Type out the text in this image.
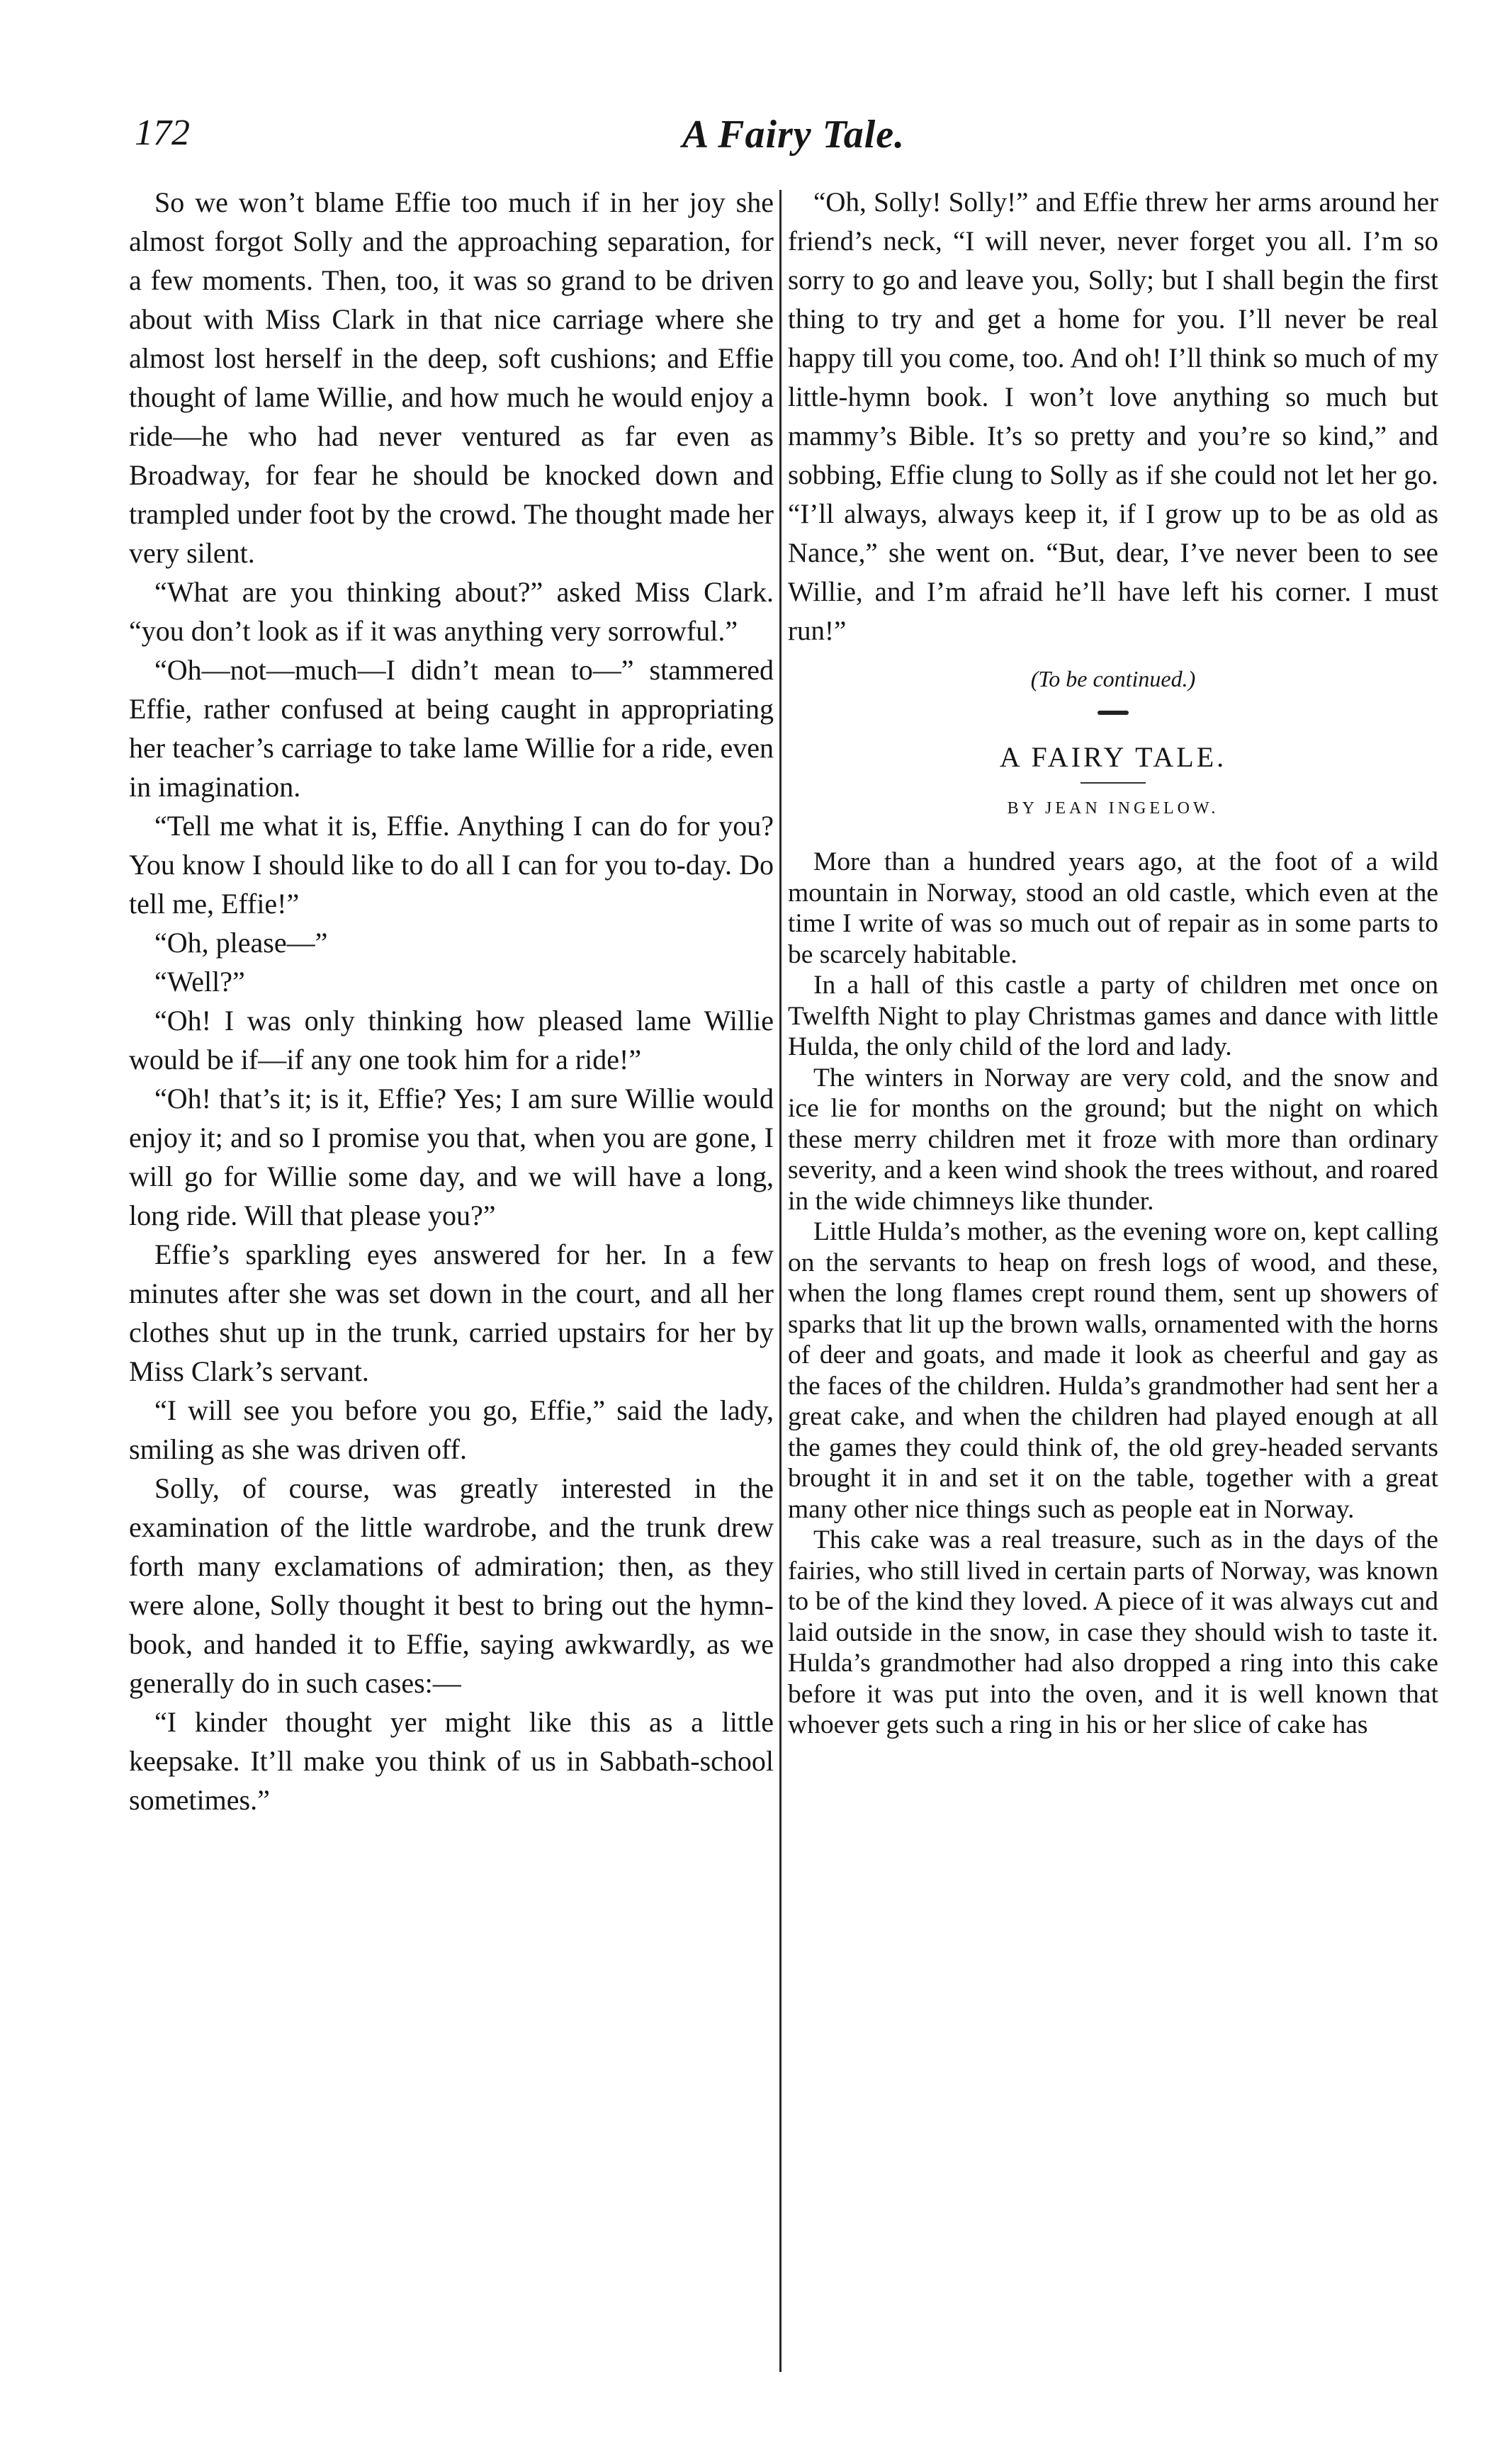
172	A Fairy Tale.

So we won’t blame Effie too much if in her joy she almost forgot Solly and the approaching separation, for a few moments. Then, too, it was so grand to be driven about with Miss Clark in that nice carriage where she almost lost herself in the deep, soft cushions; and Effie thought of lame Willie, and how much he would enjoy a ride—he who had never ventured as far even as Broadway, for fear he should be knocked down and trampled under foot by the crowd. The thought made her very silent.

“What are you thinking about?” asked Miss Clark. “you don’t look as if it was anything very sorrowful.”

“Oh—not—much—I didn’t mean to—” stammered Effie, rather confused at being caught in appropriating her teacher’s carriage to take lame Willie for a ride, even in imagination.

“Tell me what it is, Effie. Anything I can do for you? You know I should like to do all I can for you to-day. Do tell me, Effie!”

“Oh, please—”

“Well?”

“Oh! I was only thinking how pleased lame Willie would be if—if any one took him for a ride!”

“Oh! that’s it; is it, Effie? Yes; I am sure Willie would enjoy it; and so I promise you that, when you are gone, I will go for Willie some day, and we will have a long, long ride. Will that please you?”

Effie’s sparkling eyes answered for her. In a few minutes after she was set down in the court, and all her clothes shut up in the trunk, carried upstairs for her by Miss Clark’s servant.

“I will see you before you go, Effie,” said the lady, smiling as she was driven off.

Solly, of course, was greatly interested in the examination of the little wardrobe, and the trunk drew forth many exclamations of admiration; then, as they were alone, Solly thought it best to bring out the hymn-book, and handed it to Effie, saying awkwardly, as we generally do in such cases:—

“I kinder thought yer might like this as a little keepsake. It’ll make you think of us in Sabbath-school sometimes.”

“Oh, Solly! Solly!” and Effie threw her arms around her friend’s neck, “I will never, never forget you all. I’m so sorry to go and leave you, Solly; but I shall begin the first thing to try and get a home for you. I’ll never be real happy till you come, too. And oh! I’ll think so much of my little-hymn book. I won’t love anything so much but mammy’s Bible. It’s so pretty and you’re so kind,” and sobbing, Effie clung to Solly as if she could not let her go. “I’ll always, always keep it, if I grow up to be as old as Nance,” she went on. “But, dear, I’ve never been to see Willie, and I’m afraid he’ll have left his corner. I must run!”

(To be continued.)
A FAIRY TALE.
BY JEAN INGELOW.

More than a hundred years ago, at the foot of a wild mountain in Norway, stood an old castle, which even at the time I write of was so much out of repair as in some parts to be scarcely habitable.

In a hall of this castle a party of children met once on Twelfth Night to play Christmas games and dance with little Hulda, the only child of the lord and lady.

The winters in Norway are very cold, and the snow and ice lie for months on the ground; but the night on which these merry children met it froze with more than ordinary severity, and a keen wind shook the trees without, and roared in the wide chimneys like thunder.

Little Hulda’s mother, as the evening wore on, kept calling on the servants to heap on fresh logs of wood, and these, when the long flames crept round them, sent up showers of sparks that lit up the brown walls, ornamented with the horns of deer and goats, and made it look as cheerful and gay as the faces of the children. Hulda’s grandmother had sent her a great cake, and when the children had played enough at all the games they could think of, the old grey-headed servants brought it in and set it on the table, together with a great many other nice things such as people eat in Norway.

This cake was a real treasure, such as in the days of the fairies, who still lived in certain parts of Norway, was known to be of the kind they loved. A piece of it was always cut and laid outside in the snow, in case they should wish to taste it. Hulda’s grandmother had also dropped a ring into this cake before it was put into the oven, and it is well known that whoever gets such a ring in his or her slice of cake has
